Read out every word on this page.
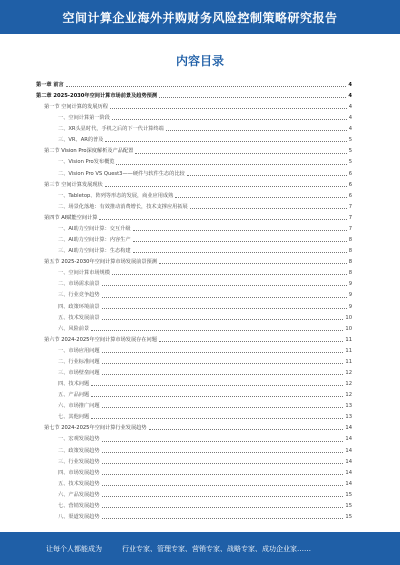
空间计算企业海外并购财务风险控制策略研究报告
内容目录
第一章 前言	4
第二章 2025-2030年空间计算市场前景及趋势预测	4
第一节 空间计算的发展历程	4
一、空间计算第一阶段	4
二、XR头显时代，手机之后的下一代计算终端	4
三、VR、AR的普及	5
第二节 Vision Pro深度解析及产品配置	5
一、Vision Pro发布概览	5
二、Vision Pro VS Quest3——硬件与软件生态的比较	6
第三节 空间计算发展现状	6
一、Tabletop、阵列等形态的发展，商业应用成熟	6
二、场景化落地：有效推动消费增长，技术支撑应用拓展	7
第四节 AI赋能空间计算	7
一、AI助力空间计算：交互升级	7
二、AI助力空间计算：内容生产	8
三、AI助力空间计算：生态构建	8
第五节 2025-2030年空间计算市场发展前景预测	8
一、空间计算市场规模	8
二、市场需求前景	9
三、行业竞争趋势	9
四、政策环境前景	9
五、技术发展前景	10
六、风险前景	10
第六节 2024-2025年空间计算市场发展存在问题	11
一、市场应用问题	11
二、行业标准问题	11
三、市场壁垒问题	12
四、技术问题	12
五、产品问题	12
六、市场推广问题	13
七、其他问题	13
第七节 2024-2025年空间计算行业发展趋势	14
一、宏观发展趋势	14
二、政策发展趋势	14
三、行业发展趋势	14
四、市场发展趋势	14
五、技术发展趋势	14
六、产品发展趋势	15
七、营销发展趋势	15
八、渠道发展趋势	15
让每个人都能成为	行业专家、管理专家、营销专家、战略专家、成功企业家……
